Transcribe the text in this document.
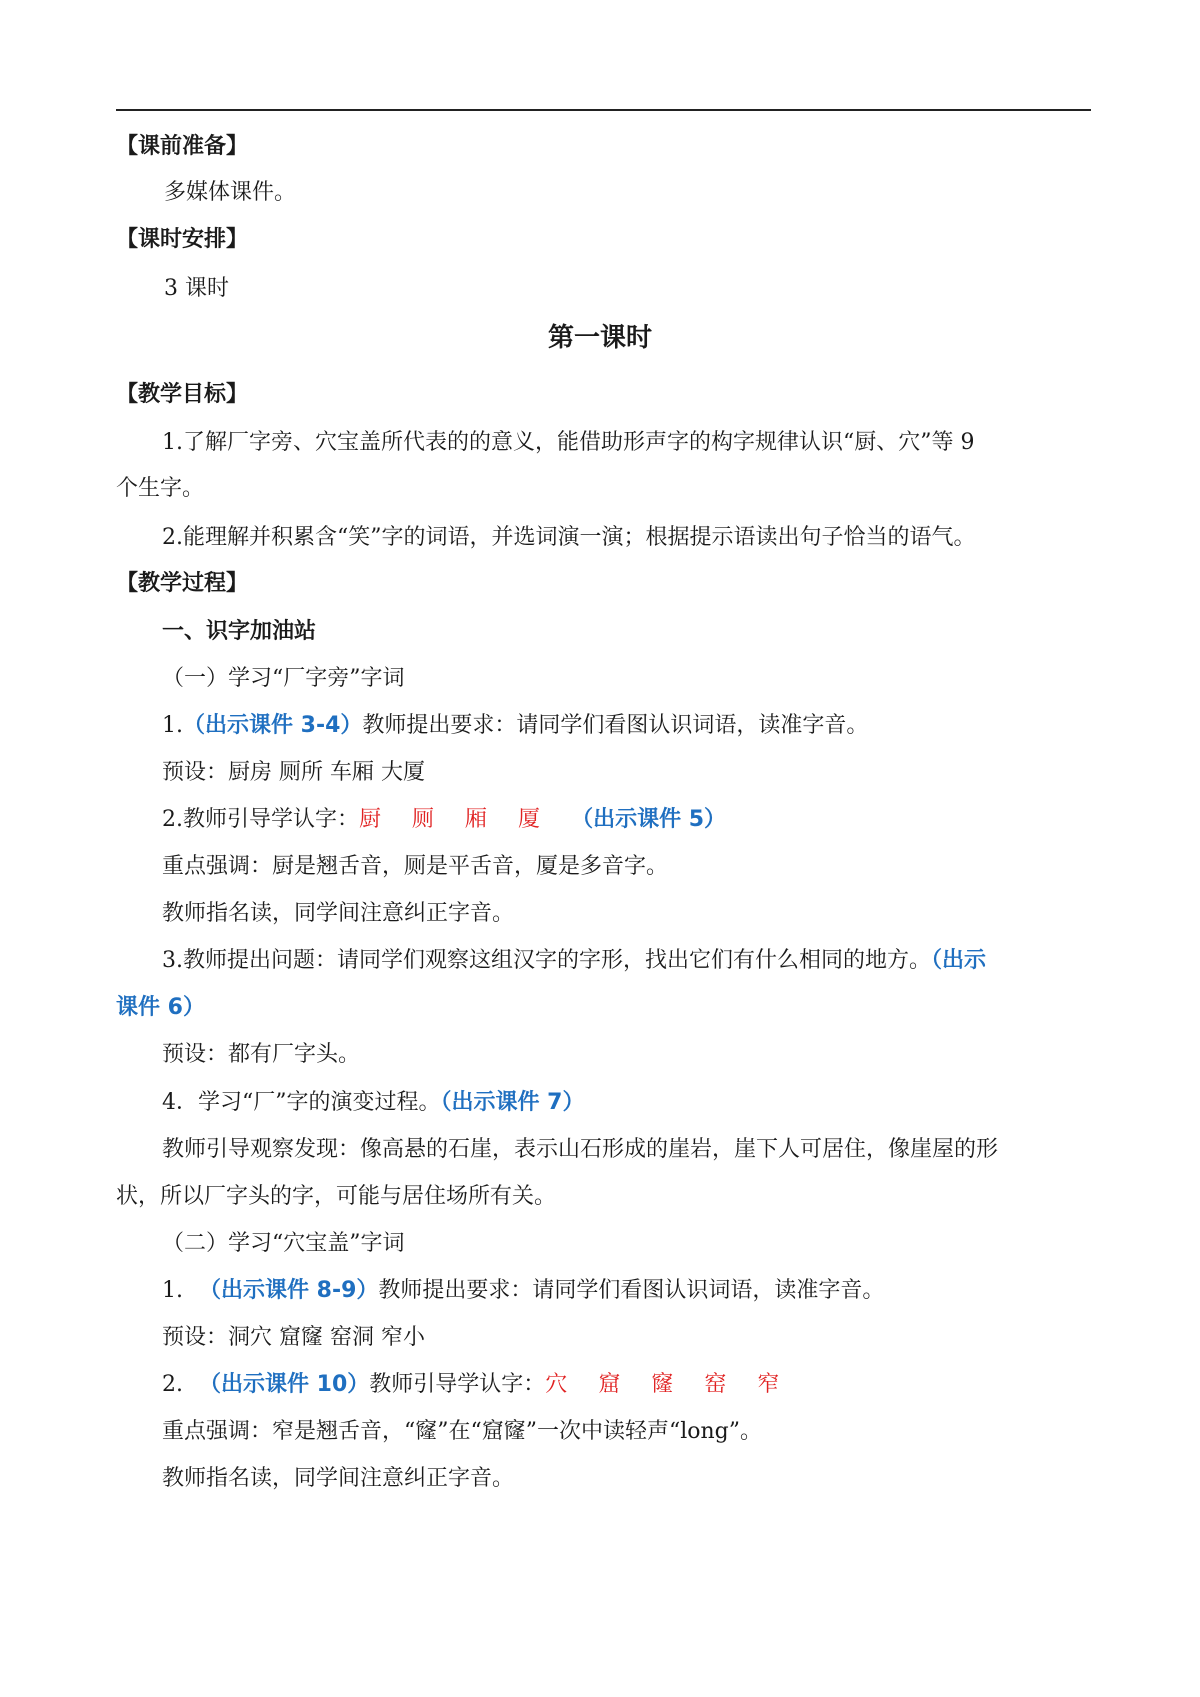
【课前准备】
多媒体课件。
【课时安排】
3 课时
第一课时
【教学目标】
1.了解厂字旁、穴宝盖所代表的的意义，能借助形声字的构字规律认识“厨、穴”等 9
个生字。
2.能理解并积累含“笑”字的词语，并选词演一演；根据提示语读出句子恰当的语气。
【教学过程】
一、识字加油站
（一）学习“厂字旁”字词
1.（出示课件 3-4）教师提出要求：请同学们看图认识词语，读准字音。
预设：厨房 厕所 车厢 大厦
2.教师引导学认字：厨 厕 厢 厦 （出示课件 5）
重点强调：厨是翘舌音，厕是平舌音，厦是多音字。
教师指名读，同学间注意纠正字音。
3.教师提出问题：请同学们观察这组汉字的字形，找出它们有什么相同的地方。（出示
课件 6）
预设：都有厂字头。
4．学习“厂”字的演变过程。（出示课件 7）
教师引导观察发现：像高悬的石崖，表示山石形成的崖岩，崖下人可居住，像崖屋的形
状，所以厂字头的字，可能与居住场所有关。
（二）学习“穴宝盖”字词
1. （出示课件 8-9）教师提出要求：请同学们看图认识词语，读准字音。
预设：洞穴 窟窿 窑洞 窄小
2. （出示课件 10）教师引导学认字：穴 窟 窿 窑 窄
重点强调：窄是翘舌音，“窿”在“窟窿”一次中读轻声“long”。
教师指名读，同学间注意纠正字音。
